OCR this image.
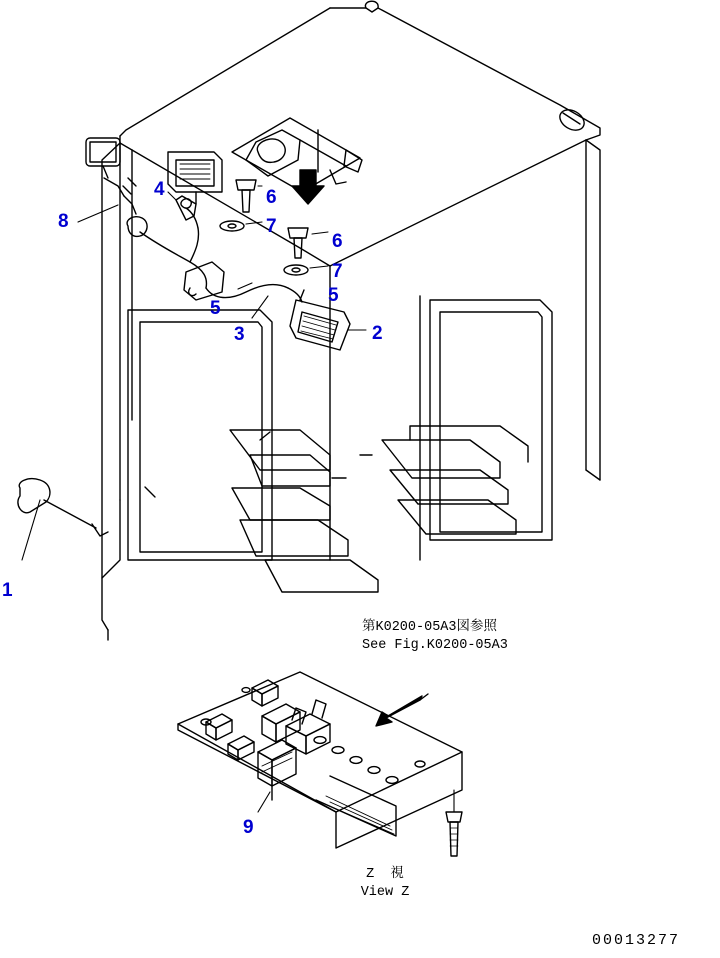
1
2
3
4
5
5
6
6
7
7
8
9
第K0200-05A3図参照
See Fig.K0200-05A3
Z  視
View Z
00013277
